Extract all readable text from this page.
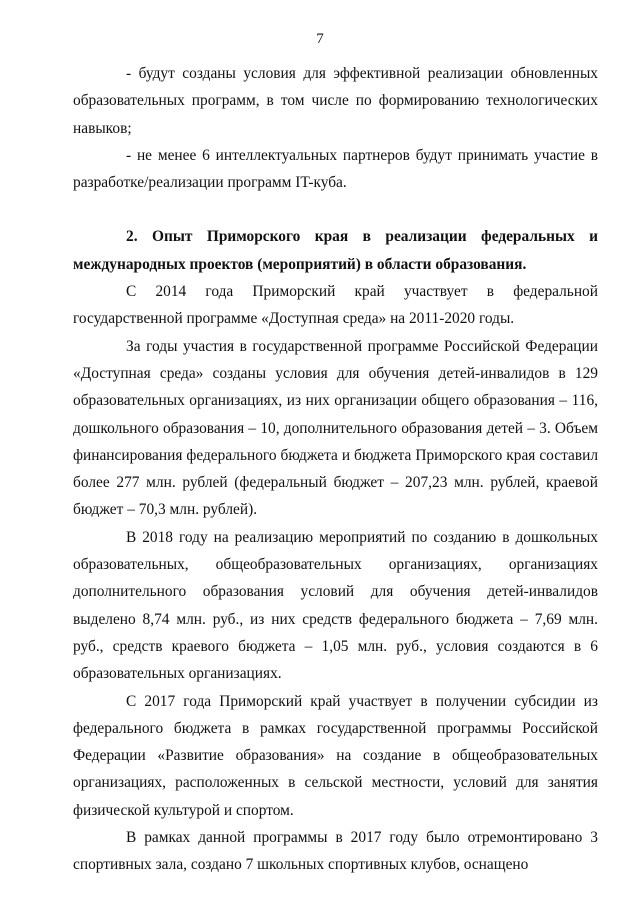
7

- будут созданы условия для эффективной реализации обновленных образовательных программ, в том числе по формированию технологических навыков;

- не менее 6 интеллектуальных партнеров будут принимать участие в разработке/реализации программ IT-куба.

2. Опыт Приморского края в реализации федеральных и международных проектов (мероприятий) в области образования.

С 2014 года Приморский край участвует в федеральной государственной программе «Доступная среда» на 2011-2020 годы.

За годы участия в государственной программе Российской Федерации «Доступная среда» созданы условия для обучения детей-инвалидов в 129 образовательных организациях, из них организации общего образования – 116, дошкольного образования – 10, дополнительного образования детей – 3. Объем финансирования федерального бюджета и бюджета Приморского края составил более 277 млн. рублей (федеральный бюджет – 207,23 млн. рублей, краевой бюджет – 70,3 млн. рублей).

В 2018 году на реализацию мероприятий по созданию в дошкольных образовательных, общеобразовательных организациях, организациях дополнительного образования условий для обучения детей-инвалидов выделено 8,74 млн. руб., из них средств федерального бюджета – 7,69 млн. руб., средств краевого бюджета – 1,05 млн. руб., условия создаются в 6 образовательных организациях.

С 2017 года Приморский край участвует в получении субсидии из федерального бюджета в рамках государственной программы Российской Федерации «Развитие образования» на создание в общеобразовательных организациях, расположенных в сельской местности, условий для занятия физической культурой и спортом.

В рамках данной программы в 2017 году было отремонтировано 3 спортивных зала, создано 7 школьных спортивных клубов, оснащено
